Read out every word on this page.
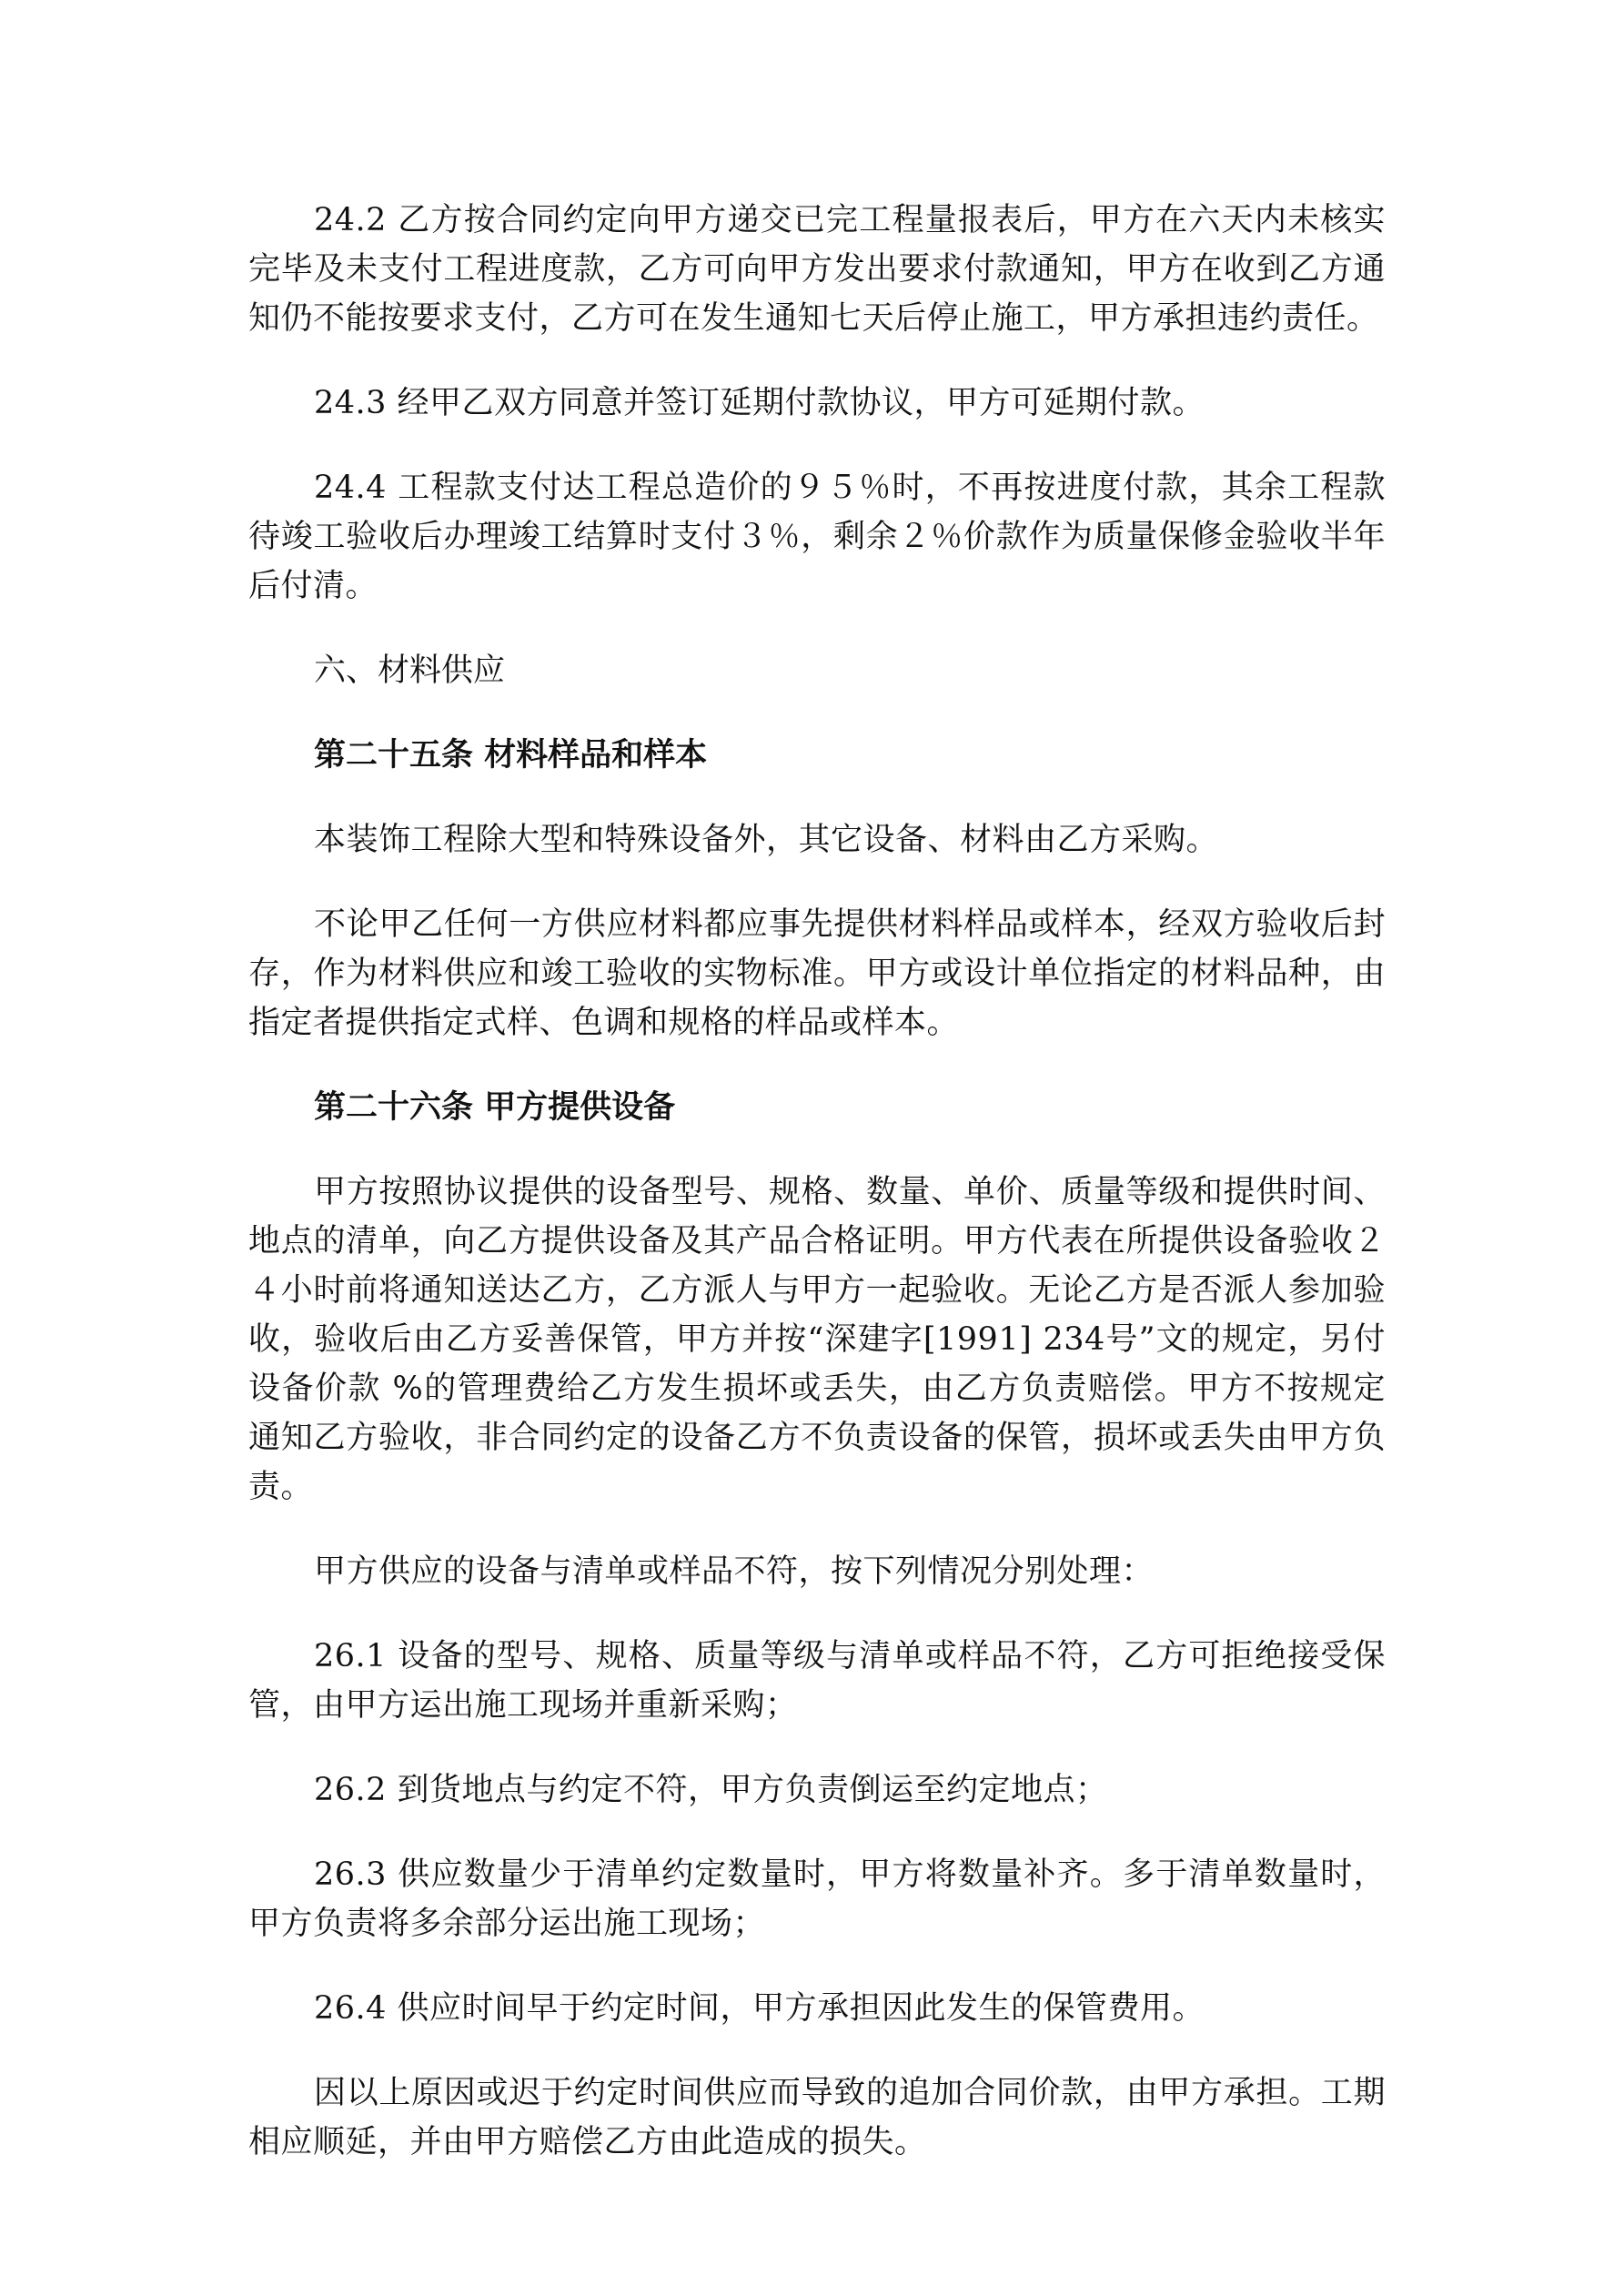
24.2 乙方按合同约定向甲方递交已完工程量报表后，甲方在六天内未核实完毕及未支付工程进度款，乙方可向甲方发出要求付款通知，甲方在收到乙方通知仍不能按要求支付，乙方可在发生通知七天后停止施工，甲方承担违约责任。

24.3 经甲乙双方同意并签订延期付款协议，甲方可延期付款。

24.4 工程款支付达工程总造价的９５％时，不再按进度付款，其余工程款待竣工验收后办理竣工结算时支付３％，剩余２％价款作为质量保修金验收半年后付清。

六、材料供应

第二十五条 材料样品和样本

本装饰工程除大型和特殊设备外，其它设备、材料由乙方采购。

不论甲乙任何一方供应材料都应事先提供材料样品或样本，经双方验收后封存，作为材料供应和竣工验收的实物标准。甲方或设计单位指定的材料品种，由指定者提供指定式样、色调和规格的样品或样本。

第二十六条 甲方提供设备

甲方按照协议提供的设备型号、规格、数量、单价、质量等级和提供时间、地点的清单，向乙方提供设备及其产品合格证明。甲方代表在所提供设备验收２４小时前将通知送达乙方，乙方派人与甲方一起验收。无论乙方是否派人参加验收，验收后由乙方妥善保管，甲方并按“深建字[1991] 234号”文的规定，另付设备价款 %的管理费给乙方发生损坏或丢失，由乙方负责赔偿。甲方不按规定通知乙方验收，非合同约定的设备乙方不负责设备的保管，损坏或丢失由甲方负责。

甲方供应的设备与清单或样品不符，按下列情况分别处理：

26.1 设备的型号、规格、质量等级与清单或样品不符，乙方可拒绝接受保管，由甲方运出施工现场并重新采购；

26.2 到货地点与约定不符，甲方负责倒运至约定地点；

26.3 供应数量少于清单约定数量时，甲方将数量补齐。多于清单数量时，甲方负责将多余部分运出施工现场；

26.4 供应时间早于约定时间，甲方承担因此发生的保管费用。

因以上原因或迟于约定时间供应而导致的追加合同价款，由甲方承担。工期相应顺延，并由甲方赔偿乙方由此造成的损失。
